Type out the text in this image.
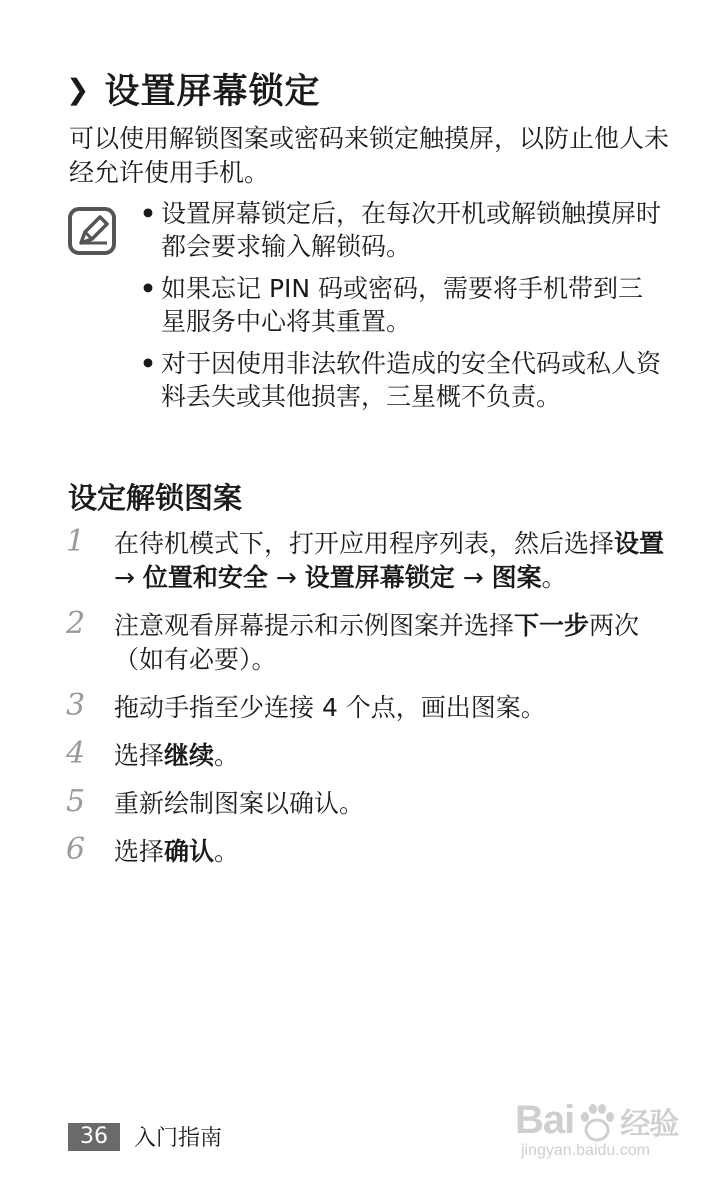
❯ 设置屏幕锁定
可以使用解锁图案或密码来锁定触摸屏，以防止他人未经允许使用手机。
• 设置屏幕锁定后，在每次开机或解锁触摸屏时都会要求输入解锁码。
• 如果忘记 PIN 码或密码，需要将手机带到三星服务中心将其重置。
• 对于因使用非法软件造成的安全代码或私人资料丢失或其他损害，三星概不负责。
设定解锁图案
1 在待机模式下，打开应用程序列表，然后选择设置 → 位置和安全 → 设置屏幕锁定 → 图案。
2 注意观看屏幕提示和示例图案并选择下一步两次（如有必要）。
3 拖动手指至少连接 4 个点，画出图案。
4 选择继续。
5 重新绘制图案以确认。
6 选择确认。
36	入门指南	Bai 经验
jingyan.baidu.com
